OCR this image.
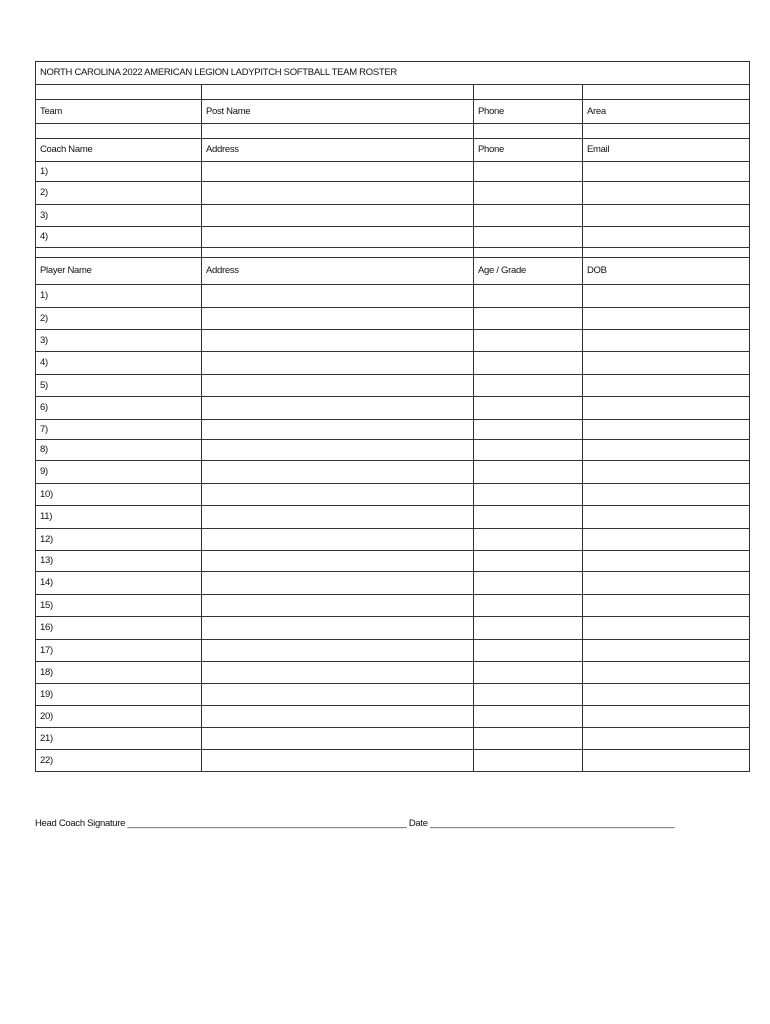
NORTH CAROLINA 2022 AMERICAN LEGION LADYPITCH SOFTBALL TEAM ROSTER			

Team	Post Name	Phone	Area

Coach Name	Address	Phone	Email
1)			
2)			
3)			
4)			

Player Name	Address	Age / Grade	DOB
1)			
2)			
3)			
4)			
5)			
6)			
7)			
8)			
9)			
10)			
11)			
12)			
13)			
14)			
15)			
16)			
17)			
18)			
19)			
20)			
21)			
22)			
Head Coach Signature ________________________________________________________ Date _________________________________________________
